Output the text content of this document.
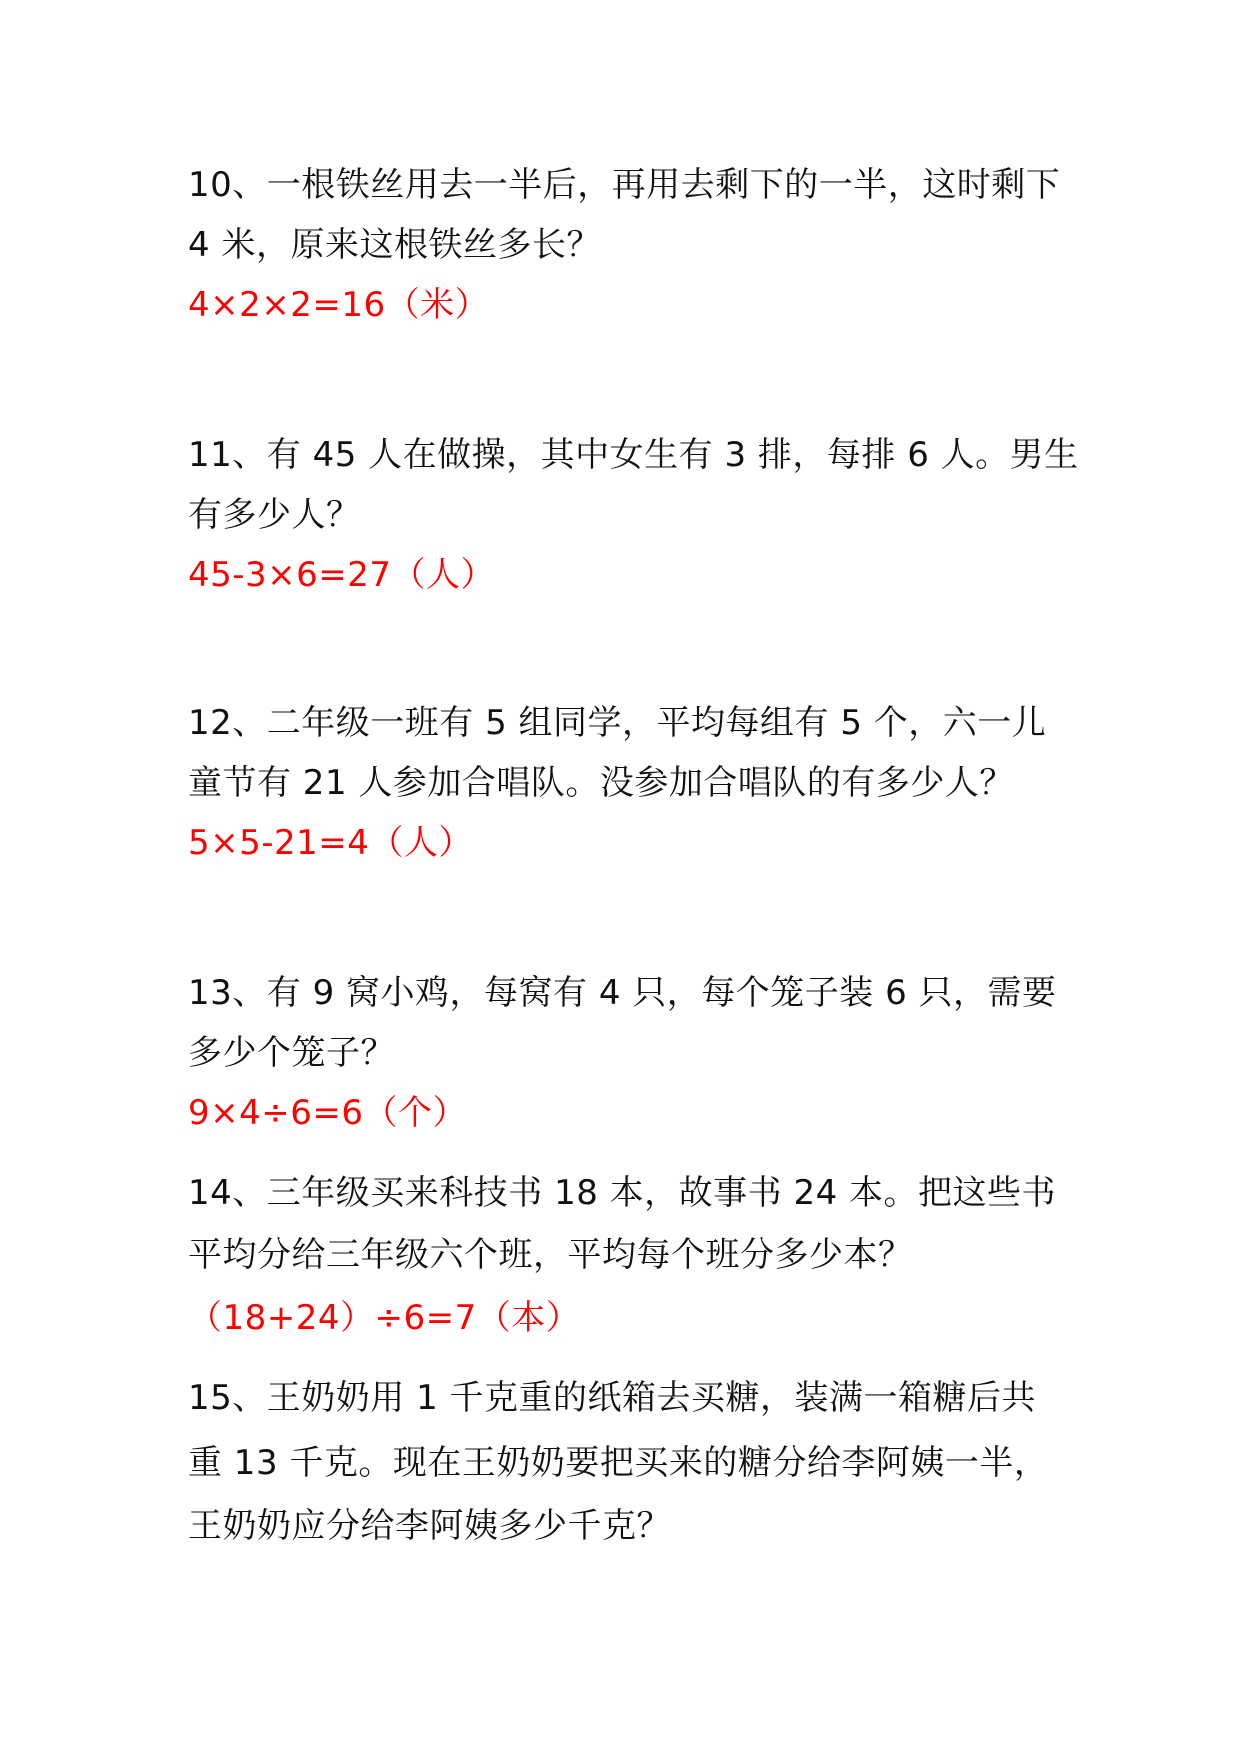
10、一根铁丝用去一半后，再用去剩下的一半，这时剩下
4 米，原来这根铁丝多长？
4×2×2=16（米）
11、有 45 人在做操，其中女生有 3 排，每排 6 人。男生
有多少人？
45-3×6=27（人）
12、二年级一班有 5 组同学，平均每组有 5 个，六一儿
童节有 21 人参加合唱队。没参加合唱队的有多少人？
5×5-21=4（人）
13、有 9 窝小鸡，每窝有 4 只，每个笼子装 6 只，需要
多少个笼子？
9×4÷6=6（个）
14、三年级买来科技书 18 本，故事书 24 本。把这些书
平均分给三年级六个班，平均每个班分多少本？
（18+24）÷6=7（本）
15、王奶奶用 1 千克重的纸箱去买糖，装满一箱糖后共
重 13 千克。现在王奶奶要把买来的糖分给李阿姨一半，
王奶奶应分给李阿姨多少千克？
